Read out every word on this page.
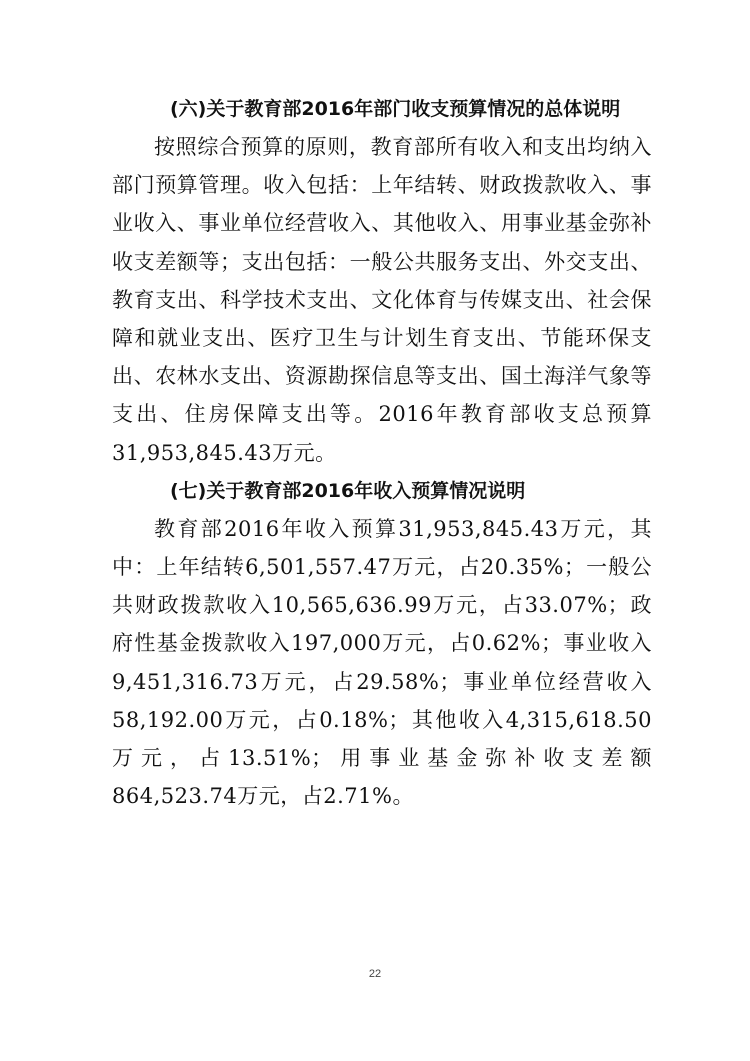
(六)关于教育部2016年部门收支预算情况的总体说明

按照综合预算的原则，教育部所有收入和支出均纳入部门预算管理。收入包括：上年结转、财政拨款收入、事业收入、事业单位经营收入、其他收入、用事业基金弥补收支差额等；支出包括：一般公共服务支出、外交支出、教育支出、科学技术支出、文化体育与传媒支出、社会保障和就业支出、医疗卫生与计划生育支出、节能环保支出、农林水支出、资源勘探信息等支出、国土海洋气象等支出、住房保障支出等。2016年教育部收支总预算31,953,845.43万元。

(七)关于教育部2016年收入预算情况说明

教育部2016年收入预算31,953,845.43万元，其中：上年结转6,501,557.47万元，占20.35%；一般公共财政拨款收入10,565,636.99万元，占33.07%；政府性基金拨款收入197,000万元，占0.62%；事业收入9,451,316.73万元，占29.58%；事业单位经营收入58,192.00万元，占0.18%；其他收入4,315,618.50万元，占13.51%；用事业基金弥补收支差额864,523.74万元，占2.71%。

22
